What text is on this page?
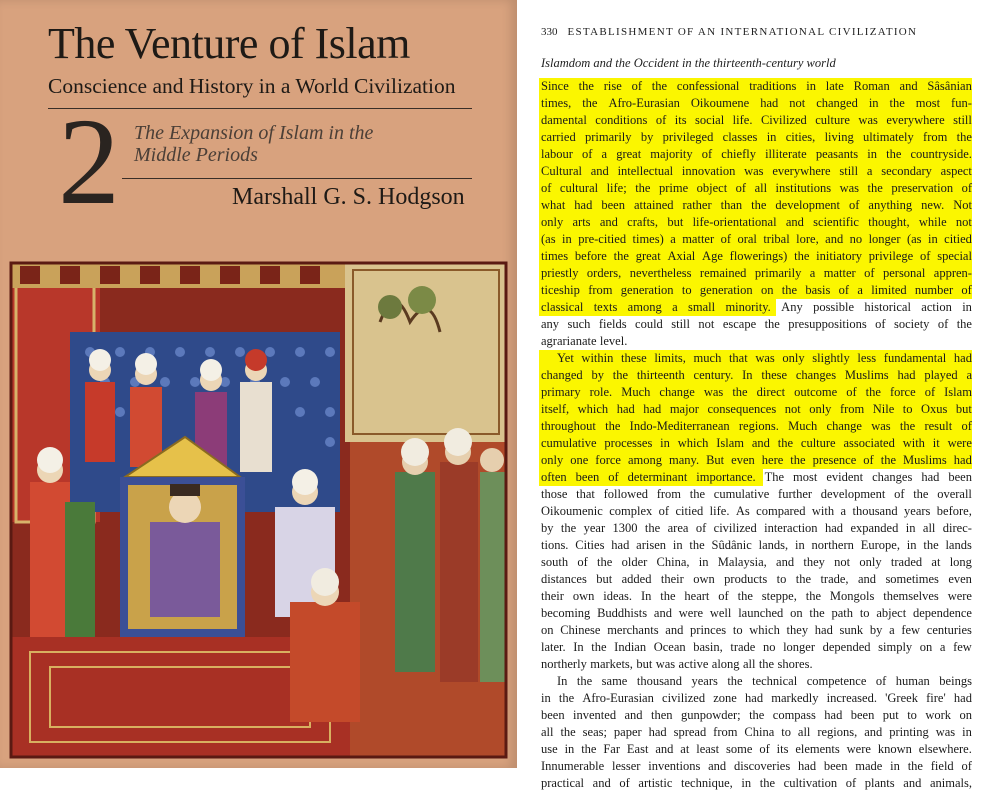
The Venture of Islam
Conscience and History in a World Civilization
2 The Expansion of Islam in the
Middle Periods
Marshall G. S. Hodgson
330 ESTABLISHMENT OF AN INTERNATIONAL CIVILIZATION
Islamdom and the Occident in the thirteenth-century world
Since the rise of the confessional traditions in late Roman and Sâsânian
times, the Afro-Eurasian Oikoumene had not changed in the most fun-
damental conditions of its social life. Civilized culture was everywhere still
carried primarily by privileged classes in cities, living ultimately from the
labour of a great majority of chiefly illiterate peasants in the countryside.
Cultural and intellectual innovation was everywhere still a secondary aspect
of cultural life; the prime object of all institutions was the preservation of
what had been attained rather than the development of anything new. Not
only arts and crafts, but life-orientational and scientific thought, while not
(as in pre-citied times) a matter of oral tribal lore, and no longer (as in citied
times before the great Axial Age flowerings) the initiatory privilege of special
priestly orders, nevertheless remained primarily a matter of personal appren-
ticeship from generation to generation on the basis of a limited number of
classical texts among a small minority. Any possible historical action in
any such fields could still not escape the presuppositions of society of the
agrarianate level.
Yet within these limits, much that was only slightly less fundamental had
changed by the thirteenth century. In these changes Muslims had played a
primary role. Much change was the direct outcome of the force of Islam
itself, which had had major consequences not only from Nile to Oxus but
throughout the Indo-Mediterranean regions. Much change was the result of
cumulative processes in which Islam and the culture associated with it were
only one force among many. But even here the presence of the Muslims had
often been of determinant importance. The most evident changes had been
those that followed from the cumulative further development of the overall
Oikoumenic complex of citied life. As compared with a thousand years before,
by the year 1300 the area of civilized interaction had expanded in all direc-
tions. Cities had arisen in the Sûdânic lands, in northern Europe, in the lands
south of the older China, in Malaysia, and they not only traded at long
distances but added their own products to the trade, and sometimes even
their own ideas. In the heart of the steppe, the Mongols themselves were
becoming Buddhists and were well launched on the path to abject dependence
on Chinese merchants and princes to which they had sunk by a few centuries
later. In the Indian Ocean basin, trade no longer depended simply on a few
northerly markets, but was active along all the shores.
In the same thousand years the technical competence of human beings
in the Afro-Eurasian civilized zone had markedly increased. 'Greek fire' had
been invented and then gunpowder; the compass had been put to work on
all the seas; paper had spread from China to all regions, and printing was in
use in the Far East and at least some of its elements were known elsewhere.
Innumerable lesser inventions and discoveries had been made in the field of
practical and of artistic technique, in the cultivation of plants and animals,
